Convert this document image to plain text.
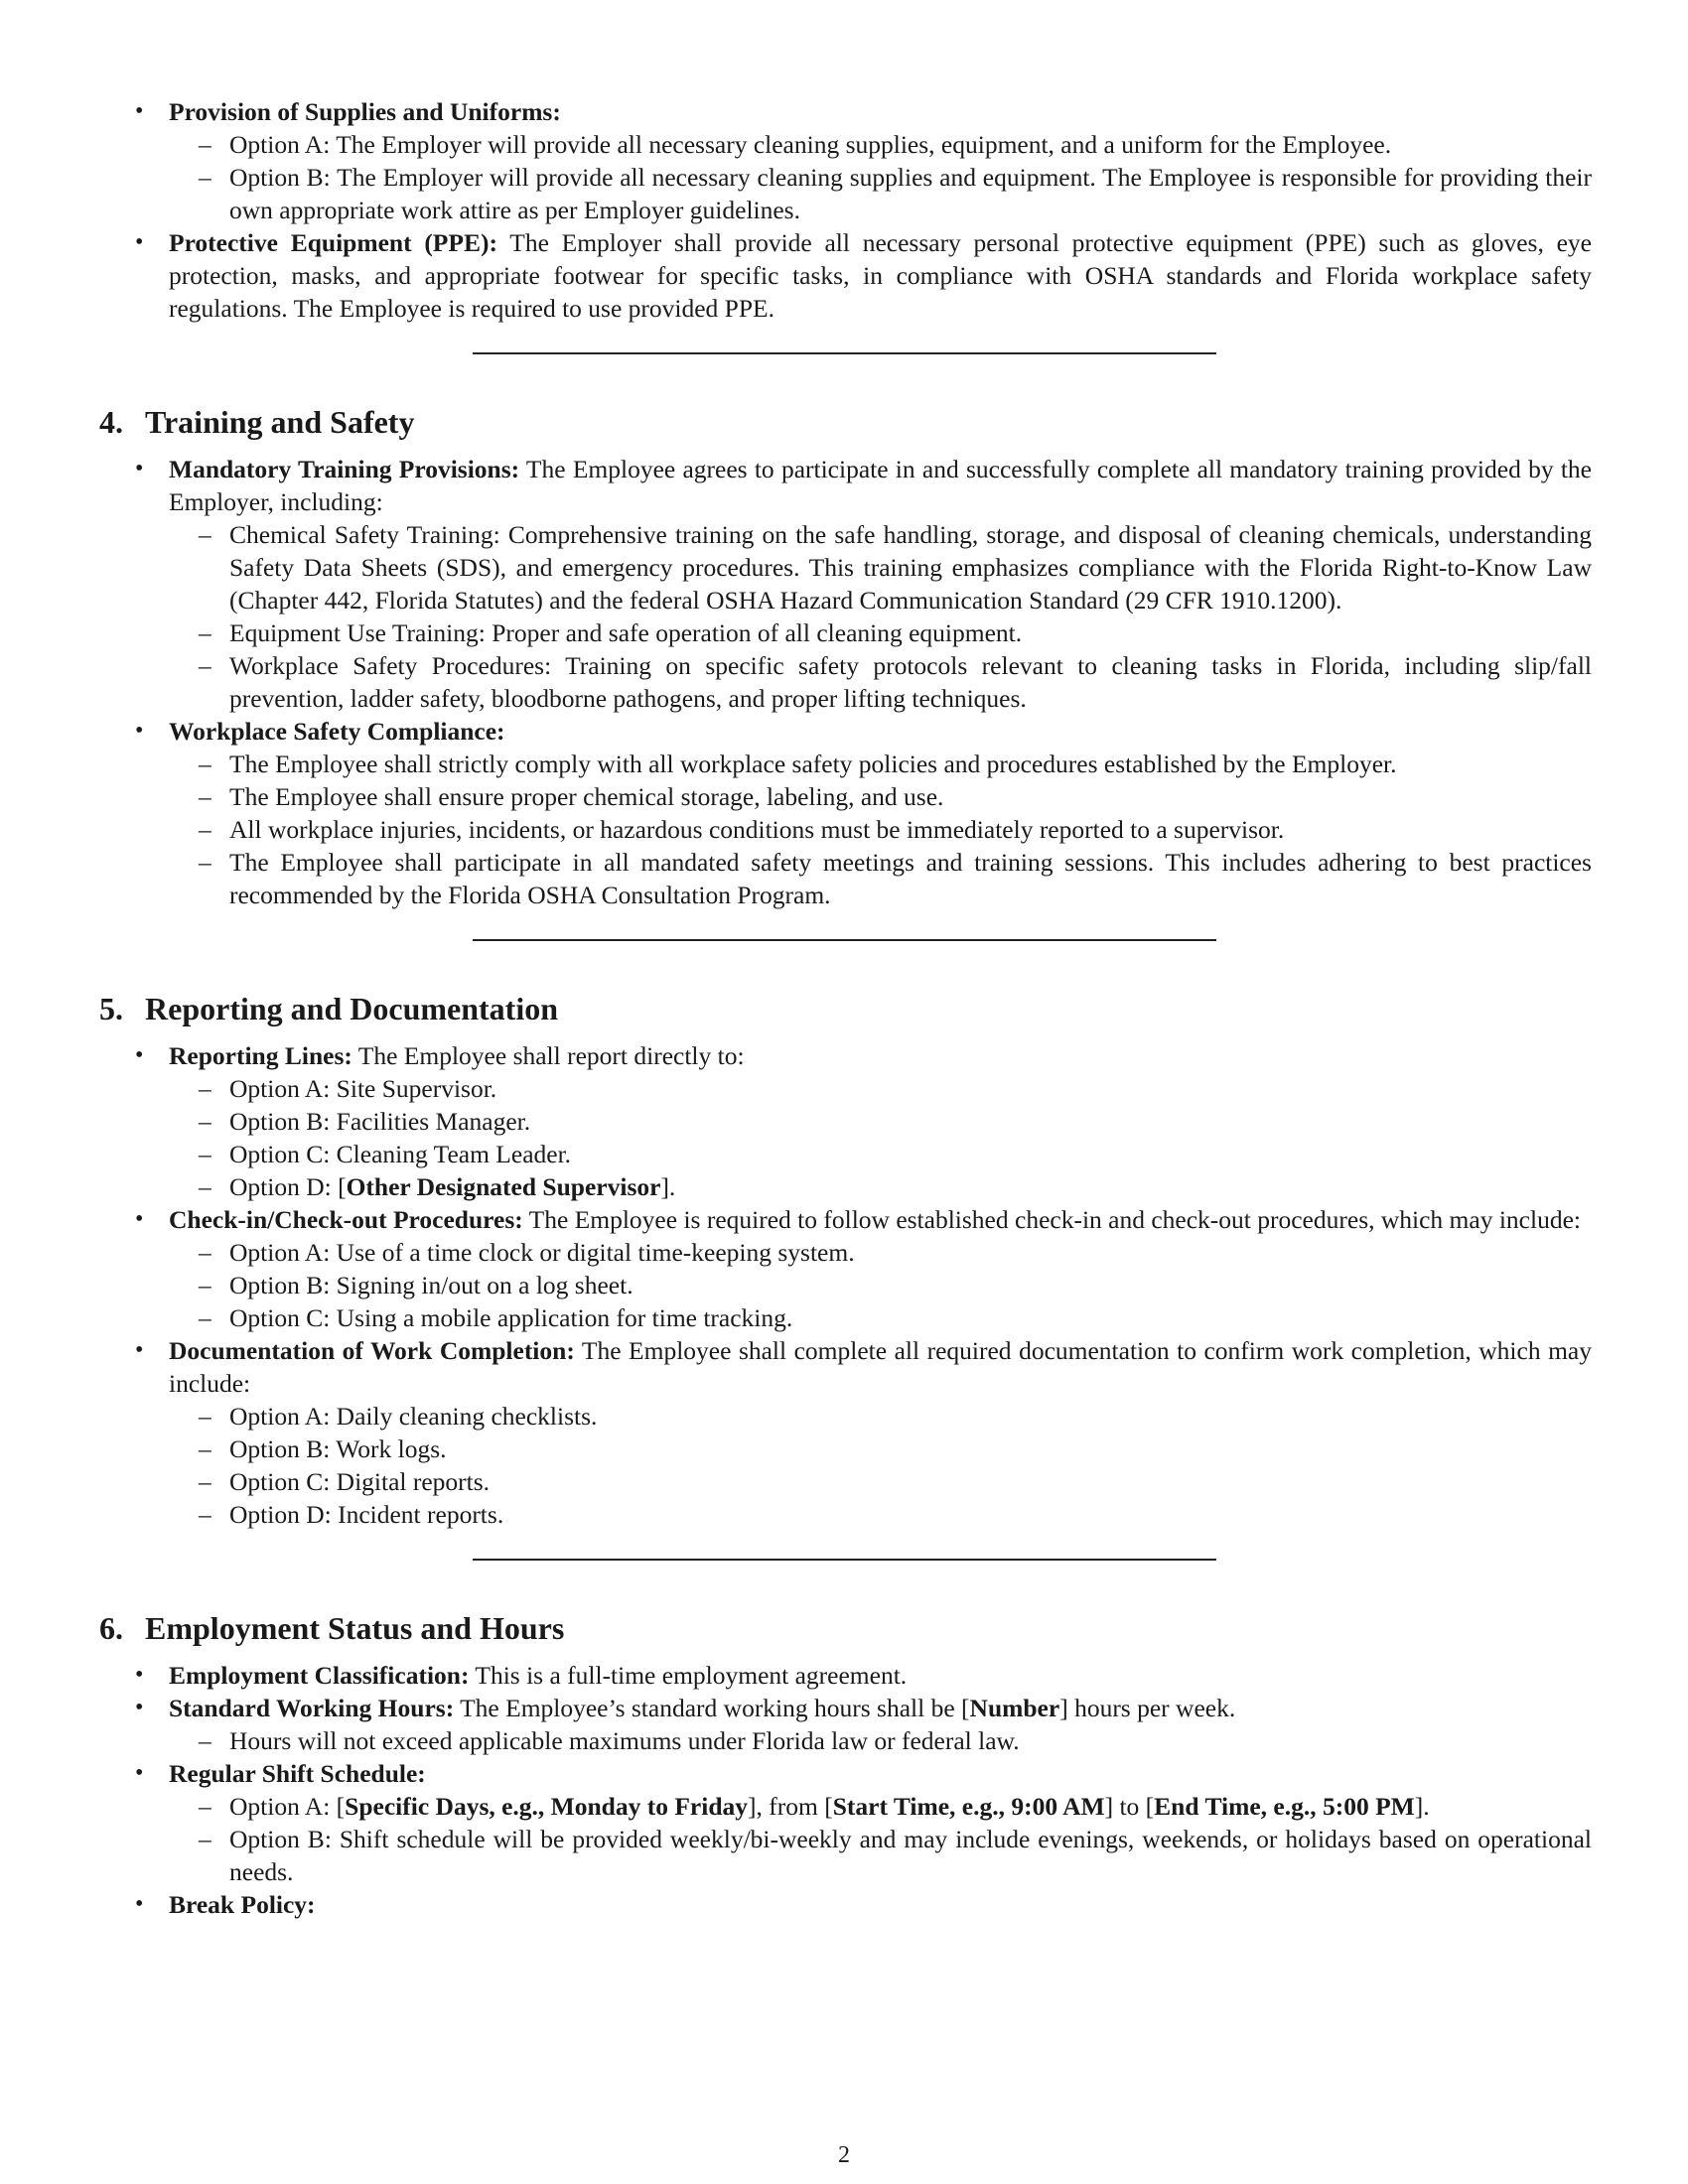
• Provision of Supplies and Uniforms:
– Option A: The Employer will provide all necessary cleaning supplies, equipment, and a uniform for the Employee.
– Option B: The Employer will provide all necessary cleaning supplies and equipment. The Employee is responsible for providing their own appropriate work attire as per Employer guidelines.
• Protective Equipment (PPE): The Employer shall provide all necessary personal protective equipment (PPE) such as gloves, eye protection, masks, and appropriate footwear for specific tasks, in compliance with OSHA standards and Florida workplace safety regulations. The Employee is required to use provided PPE.
4. Training and Safety
• Mandatory Training Provisions: The Employee agrees to participate in and successfully complete all mandatory training provided by the Employer, including:
– Chemical Safety Training: Comprehensive training on the safe handling, storage, and disposal of cleaning chemicals, understanding Safety Data Sheets (SDS), and emergency procedures. This training emphasizes compliance with the Florida Right-to-Know Law (Chapter 442, Florida Statutes) and the federal OSHA Hazard Communication Standard (29 CFR 1910.1200).
– Equipment Use Training: Proper and safe operation of all cleaning equipment.
– Workplace Safety Procedures: Training on specific safety protocols relevant to cleaning tasks in Florida, including slip/fall prevention, ladder safety, bloodborne pathogens, and proper lifting techniques.
• Workplace Safety Compliance:
– The Employee shall strictly comply with all workplace safety policies and procedures established by the Employer.
– The Employee shall ensure proper chemical storage, labeling, and use.
– All workplace injuries, incidents, or hazardous conditions must be immediately reported to a supervisor.
– The Employee shall participate in all mandated safety meetings and training sessions. This includes adhering to best practices recommended by the Florida OSHA Consultation Program.
5. Reporting and Documentation
• Reporting Lines: The Employee shall report directly to:
– Option A: Site Supervisor.
– Option B: Facilities Manager.
– Option C: Cleaning Team Leader.
– Option D: [Other Designated Supervisor].
• Check-in/Check-out Procedures: The Employee is required to follow established check-in and check-out procedures, which may include:
– Option A: Use of a time clock or digital time-keeping system.
– Option B: Signing in/out on a log sheet.
– Option C: Using a mobile application for time tracking.
• Documentation of Work Completion: The Employee shall complete all required documentation to confirm work completion, which may include:
– Option A: Daily cleaning checklists.
– Option B: Work logs.
– Option C: Digital reports.
– Option D: Incident reports.
6. Employment Status and Hours
• Employment Classification: This is a full-time employment agreement.
• Standard Working Hours: The Employee’s standard working hours shall be [Number] hours per week.
– Hours will not exceed applicable maximums under Florida law or federal law.
• Regular Shift Schedule:
– Option A: [Specific Days, e.g., Monday to Friday], from [Start Time, e.g., 9:00 AM] to [End Time, e.g., 5:00 PM].
– Option B: Shift schedule will be provided weekly/bi-weekly and may include evenings, weekends, or holidays based on operational needs.
• Break Policy:
2
